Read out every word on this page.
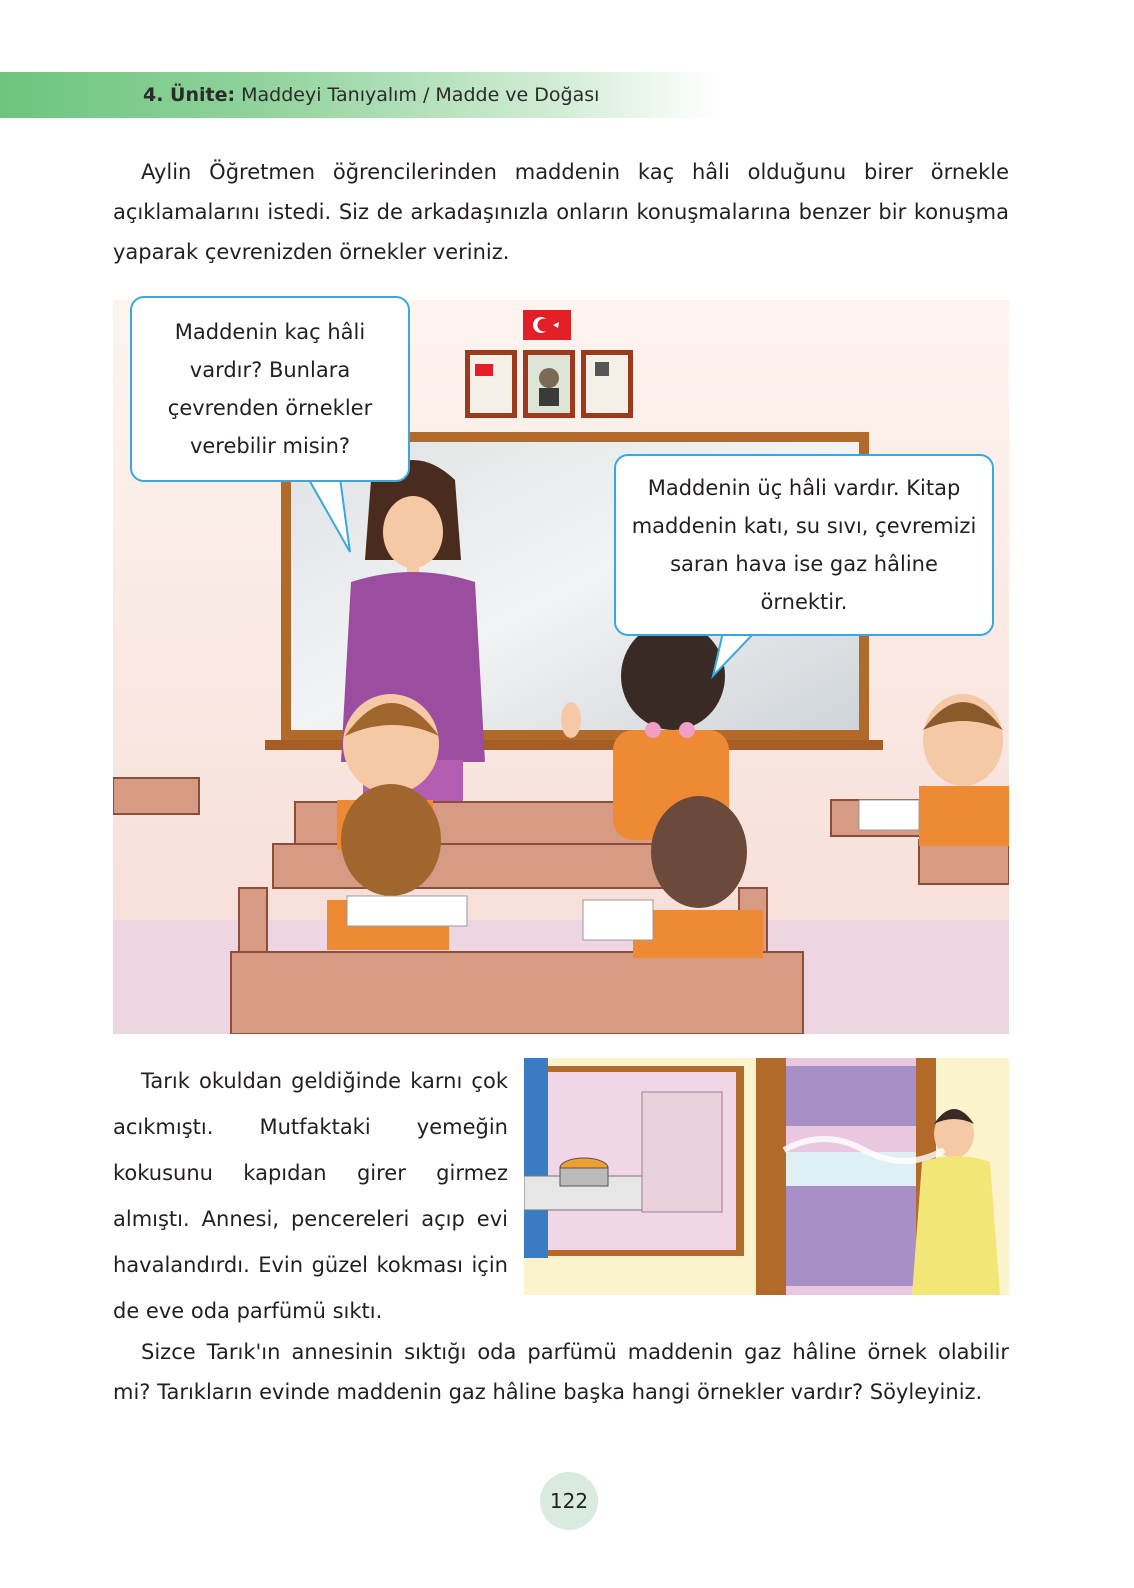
4. Ünite: Maddeyi Tanıyalım / Madde ve Doğası

Aylin Öğretmen öğrencilerinden maddenin kaç hâli olduğunu birer örnekle açıklamalarını istedi. Siz de arkadaşınızla onların konuşmalarına benzer bir konuşma yaparak çevrenizden örnekler veriniz.

Maddenin kaç hâli vardır? Bunlara çevrenden örnekler verebilir misin?
Maddenin üç hâli vardır. Kitap maddenin katı, su sıvı, çevremizi saran hava ise gaz hâline örnektir.

Tarık okuldan geldiğinde karnı çok acıkmıştı. Mutfaktaki yemeğin kokusunu kapıdan girer girmez almıştı. Annesi, pencereleri açıp evi havalandırdı. Evin güzel kokması için de eve oda parfümü sıktı.

Sizce Tarık'ın annesinin sıktığı oda parfümü maddenin gaz hâline örnek olabilir mi? Tarıkların evinde maddenin gaz hâline başka hangi örnekler vardır? Söyleyiniz.

122
